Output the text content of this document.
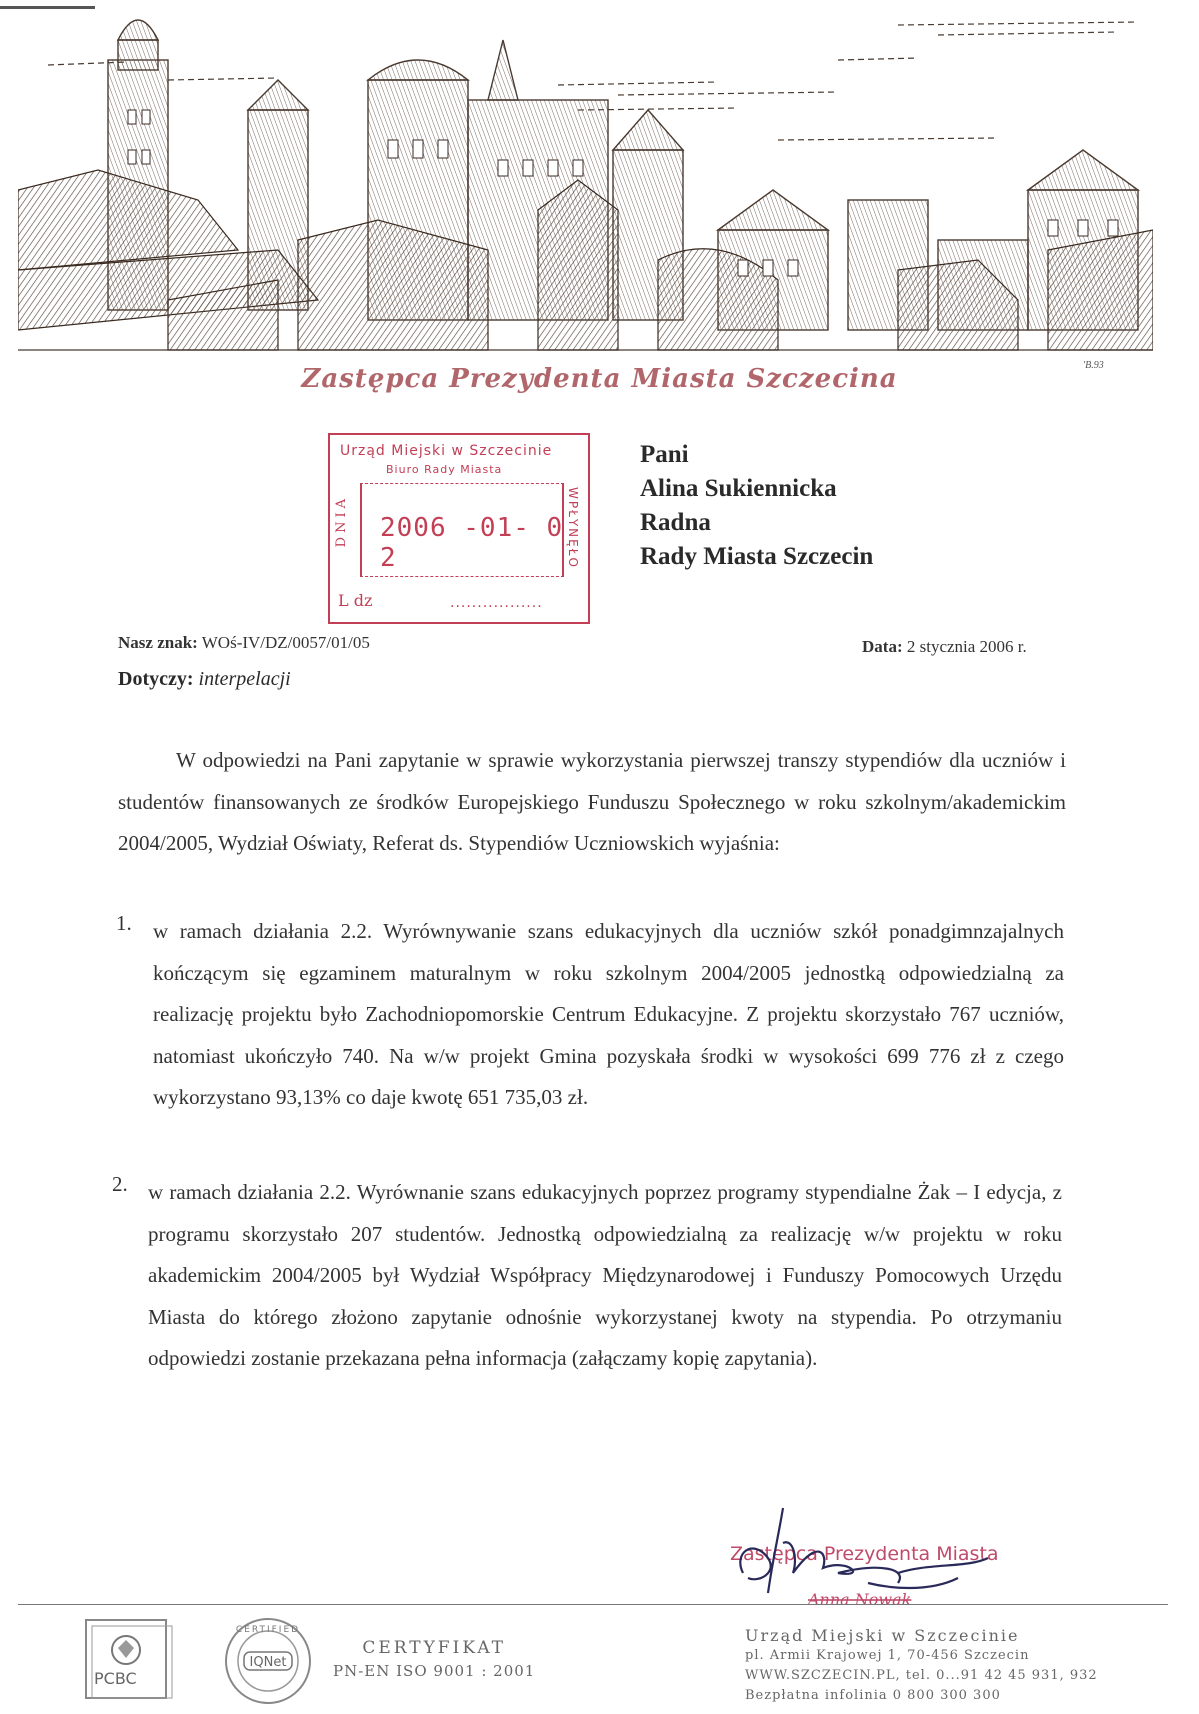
Zastępca Prezydenta Miasta Szczecina	'B.93
Urząd Miejski w Szczecinie
Biuro Rady Miasta
DNIA 2006 -01- 0 2	WPŁYNĘŁO
L dz	.................
Pani
Alina Sukiennicka
Radna
Rady Miasta Szczecin
Nasz znak: WOś-IV/DZ/0057/01/05	Data: 2 stycznia 2006 r.
Dotyczy: interpelacji
W odpowiedzi na Pani zapytanie w sprawie wykorzystania pierwszej transzy stypendiów dla uczniów i studentów finansowanych ze środków Europejskiego Funduszu Społecznego w roku szkolnym/akademickim 2004/2005, Wydział Oświaty, Referat ds. Stypendiów Uczniowskich wyjaśnia:
1. w ramach działania 2.2. Wyrównywanie szans edukacyjnych dla uczniów szkół ponadgimnzajalnych kończącym się egzaminem maturalnym w roku szkolnym 2004/2005 jednostką odpowiedzialną za realizację projektu było Zachodniopomorskie Centrum Edukacyjne. Z projektu skorzystało 767 uczniów, natomiast ukończyło 740. Na w/w projekt Gmina pozyskała środki w wysokości 699 776 zł z czego wykorzystano 93,13% co daje kwotę 651 735,03 zł.
2. w ramach działania 2.2. Wyrównanie szans edukacyjnych poprzez programy stypendialne Żak – I edycja, z programu skorzystało 207 studentów. Jednostką odpowiedzialną za realizację w/w projektu w roku akademickim 2004/2005 był Wydział Współpracy Międzynarodowej i Funduszy Pomocowych Urzędu Miasta do którego złożono zapytanie odnośnie wykorzystanej kwoty na stypendia. Po otrzymaniu odpowiedzi zostanie przekazana pełna informacja (załączamy kopię zapytania).
Zastępca Prezydenta Miasta
Anna Nowak
PCBC
CERTIFIED
IQNet
CERTYFIKAT
PN-EN ISO 9001 : 2001
Urząd Miejski w Szczecinie
pl. Armii Krajowej 1, 70-456 Szczecin
WWW.SZCZECIN.PL, tel. 0...91 42 45 931, 932
Bezpłatna infolinia 0 800 300 300
